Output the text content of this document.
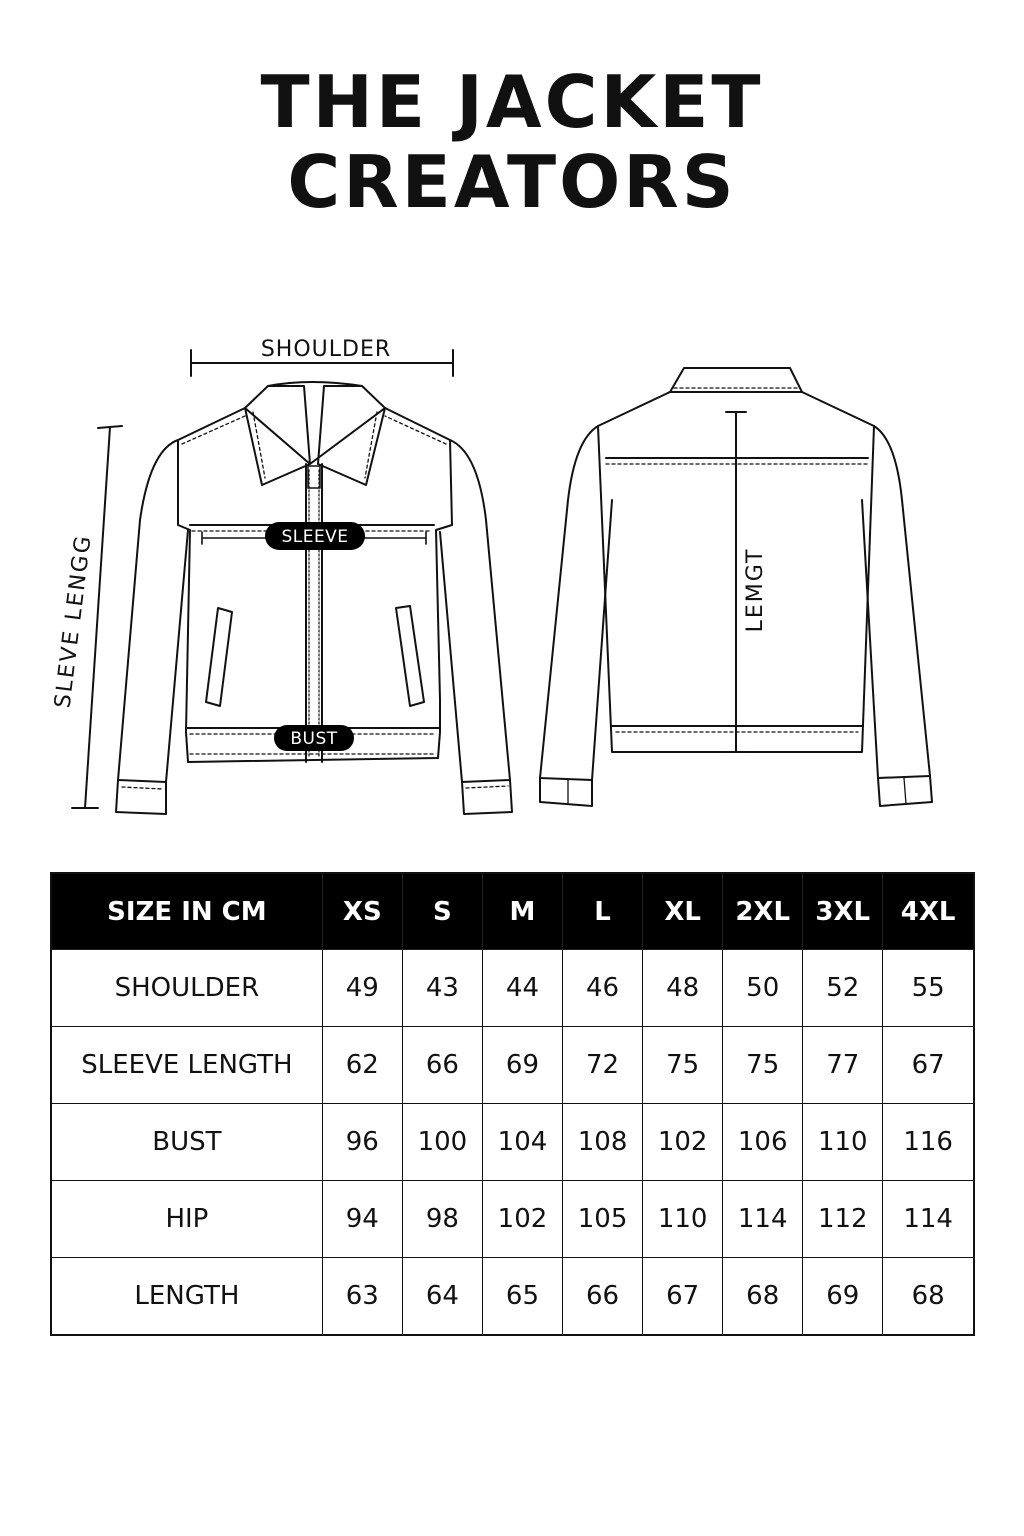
THE JACKET
CREATORS
SHOULDER
SLEVE LENGG	LEMGT
SLEEVE
BUST
SIZE IN CM	XS	S	M	L	XL	2XL	3XL	4XL
SHOULDER	49	43	44	46	48	50	52	55
SLEEVE LENGTH	62	66	69	72	75	75	77	67
BUST	96	100	104	108	102	106	110	116
HIP	94	98	102	105	110	114	112	114
LENGTH	63	64	65	66	67	68	69	68
